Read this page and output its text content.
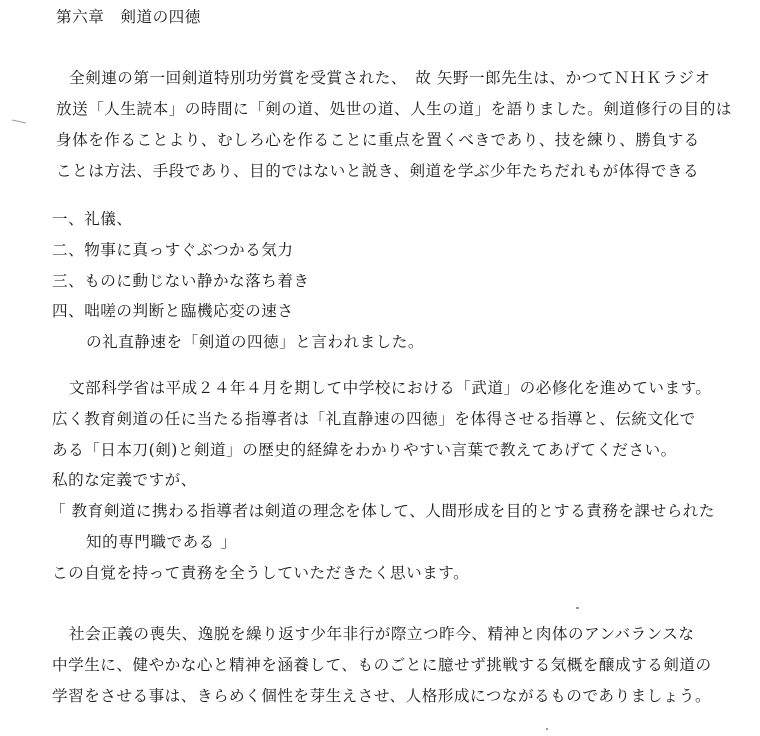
第六章　剣道の四徳
全剣連の第一回剣道特別功労賞を受賞された、　故 矢野一郎先生は、かつてＮＨＫラジオ
放送「人生読本」の時間に「剣の道、処世の道、人生の道」を語りました。剣道修行の目的は
身体を作ることより、むしろ心を作ることに重点を置くべきであり、技を練り、勝負する
ことは方法、手段であり、目的ではないと説き、剣道を学ぶ少年たちだれもが体得できる
一、礼儀、
二、物事に真っすぐぶつかる気力
三、ものに動じない静かな落ち着き
四、咄嗟の判断と臨機応変の速さ
の礼直静速を「剣道の四徳」と言われました。
文部科学省は平成２４年４月を期して中学校における「武道」の必修化を進めています。
広く教育剣道の任に当たる指導者は「礼直静速の四徳」を体得させる指導と、伝統文化で
ある「日本刀(剣)と剣道」の歴史的経緯をわかりやすい言葉で教えてあげてください。
私的な定義ですが、
「 教育剣道に携わる指導者は剣道の理念を体して、人間形成を目的とする責務を課せられた
知的専門職である 」
この自覚を持って責務を全うしていただきたく思います。
社会正義の喪失、逸脱を繰り返す少年非行が際立つ昨今、精神と肉体のアンバランスな
中学生に、健やかな心と精神を涵養して、ものごとに臆せず挑戦する気概を醸成する剣道の
学習をさせる事は、きらめく個性を芽生えさせ、人格形成につながるものでありましょう。
